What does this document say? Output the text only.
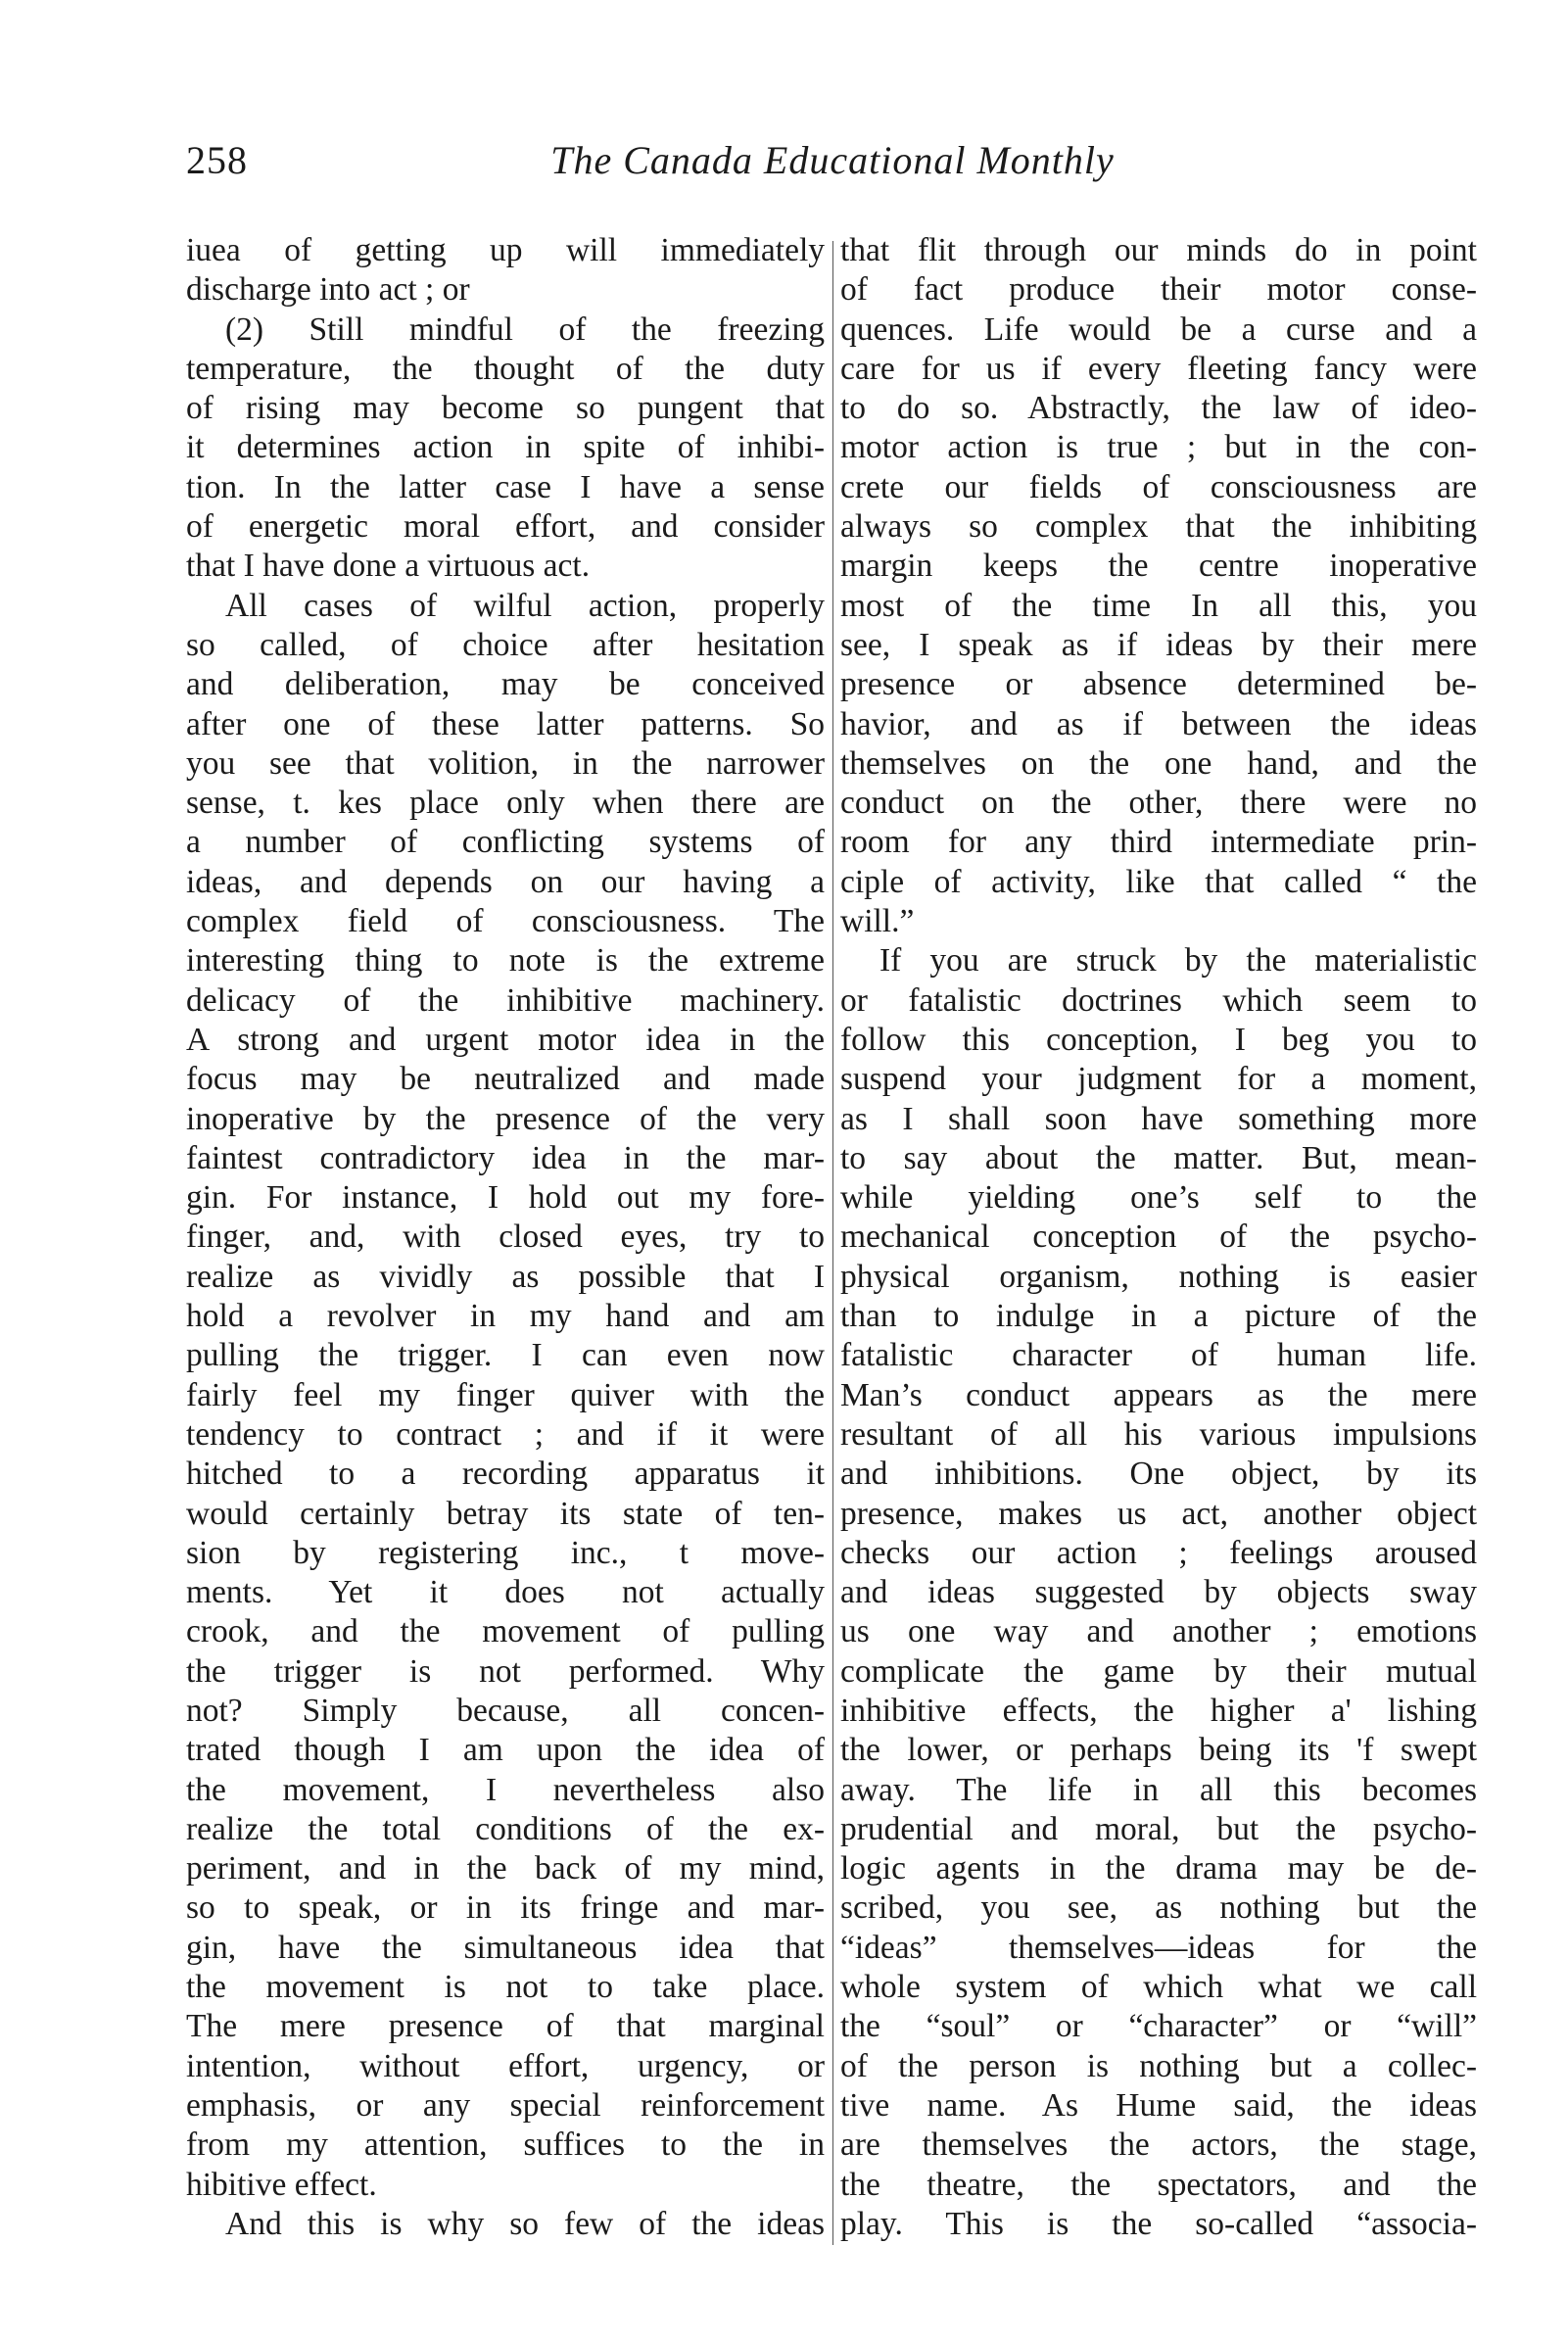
258	The Canada Educational Monthly
iuea of getting up will immediately
discharge into act ; or
(2) Still mindful of the freezing
temperature, the thought of the duty
of rising may become so pungent that
it determines action in spite of inhibi-
tion. In the latter case I have a sense
of energetic moral effort, and consider
that I have done a virtuous act.
All cases of wilful action, properly
so called, of choice after hesitation
and deliberation, may be conceived
after one of these latter patterns. So
you see that volition, in the narrower
sense, t. kes place only when there are
a number of conflicting systems of
ideas, and depends on our having a
complex field of consciousness. The
interesting thing to note is the extreme
delicacy of the inhibitive machinery.
A strong and urgent motor idea in the
focus may be neutralized and made
inoperative by the presence of the very
faintest contradictory idea in the mar-
gin. For instance, I hold out my fore-
finger, and, with closed eyes, try to
realize as vividly as possible that I
hold a revolver in my hand and am
pulling the trigger. I can even now
fairly feel my finger quiver with the
tendency to contract ; and if it were
hitched to a recording apparatus it
would certainly betray its state of ten-
sion by registering inc., t move-
ments. Yet it does not actually
crook, and the movement of pulling
the trigger is not performed. Why
not? Simply because, all concen-
trated though I am upon the idea of
the movement, I nevertheless also
realize the total conditions of the ex-
periment, and in the back of my mind,
so to speak, or in its fringe and mar-
gin, have the simultaneous idea that
the movement is not to take place.
The mere presence of that marginal
intention, without effort, urgency, or
emphasis, or any special reinforcement
from my attention, suffices to the in
hibitive effect.
And this is why so few of the ideas
that flit through our minds do in point
of fact produce their motor conse-
quences. Life would be a curse and a
care for us if every fleeting fancy were
to do so. Abstractly, the law of ideo-
motor action is true ; but in the con-
crete our fields of consciousness are
always so complex that the inhibiting
margin keeps the centre inoperative
most of the time In all this, you
see, I speak as if ideas by their mere
presence or absence determined be-
havior, and as if between the ideas
themselves on the one hand, and the
conduct on the other, there were no
room for any third intermediate prin-
ciple of activity, like that called “ the
will.”
If you are struck by the materialistic
or fatalistic doctrines which seem to
follow this conception, I beg you to
suspend your judgment for a moment,
as I shall soon have something more
to say about the matter. But, mean-
while yielding one’s self to the
mechanical conception of the psycho-
physical organism, nothing is easier
than to indulge in a picture of the
fatalistic character of human life.
Man’s conduct appears as the mere
resultant of all his various impulsions
and inhibitions. One object, by its
presence, makes us act, another object
checks our action ; feelings aroused
and ideas suggested by objects sway
us one way and another ; emotions
complicate the game by their mutual
inhibitive effects, the higher a' lishing
the lower, or perhaps being its 'f swept
away. The life in all this becomes
prudential and moral, but the psycho-
logic agents in the drama may be de-
scribed, you see, as nothing but the
“ideas” themselves—ideas for the
whole system of which what we call
the “soul” or “character” or “will”
of the person is nothing but a collec-
tive name. As Hume said, the ideas
are themselves the actors, the stage,
the theatre, the spectators, and the
play. This is the so-called “associa-
